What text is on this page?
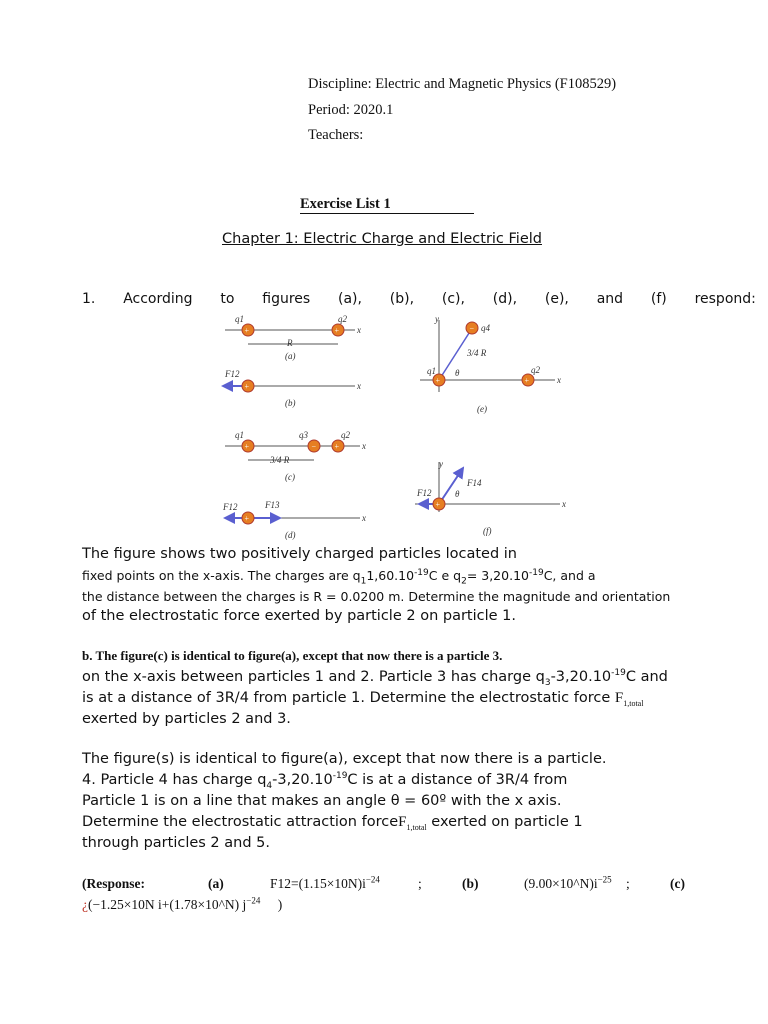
Discipline: Electric and Magnetic Physics (F108529)
Period: 2020.1
Teachers:
Exercise List 1
Chapter 1: Electric Charge and Electric Field
1. According to figures (a), (b), (c), (d), (e), and (f) respond:
+	+
q1	q2
x
R
(a)
+
F12
x
(b)
+	− +
q1	q3	q2
x
3/4 R
(c)
+
F12	F13
x
(d)
+
−
+
y
q4
q1	q2
θ
3/4 R
x
(e)
+
y
F14
F12	θ
x
(f)
The figure shows two positively charged particles located in
fixed points on the x-axis. The charges are $q_11,60.10^{-19}C$ e $q_2= 3,20.10^{-19}C$, and a
the distance between the charges is R = 0.0200 m. Determine the magnitude and orientation
of the electrostatic force exerted by particle 2 on particle 1.
b. The figure(c) is identical to figure(a), except that now there is a particle 3.
on the x-axis between particles 1 and 2. Particle 3 has charge $q_3-3,20.10^{-19}C$ and
is at a distance of 3R/4 from particle 1. Determine the electrostatic force $F_{1,total}$
exerted by particles 2 and 3.
The figure(s) is identical to figure(a), except that now there is a particle.
4. Particle 4 has charge $q_4-3,20.10^{-19}C$ is at a distance of 3R/4 from
Particle 1 is on a line that makes an angle θ = 60º with the x axis.
Determine the electrostatic attraction forceF$_{1,total}$ exerted on particle 1
through particles 2 and 5.
(Response:	(a)	$F12=(1.15\times 10N)i^{-24}$	;	(b)	$(9.00\times 10\^{}N)i^{-25}$ ;	(c)
¿(−1.25×10N i+(1.78×10^N) $j^{-24}$ )
